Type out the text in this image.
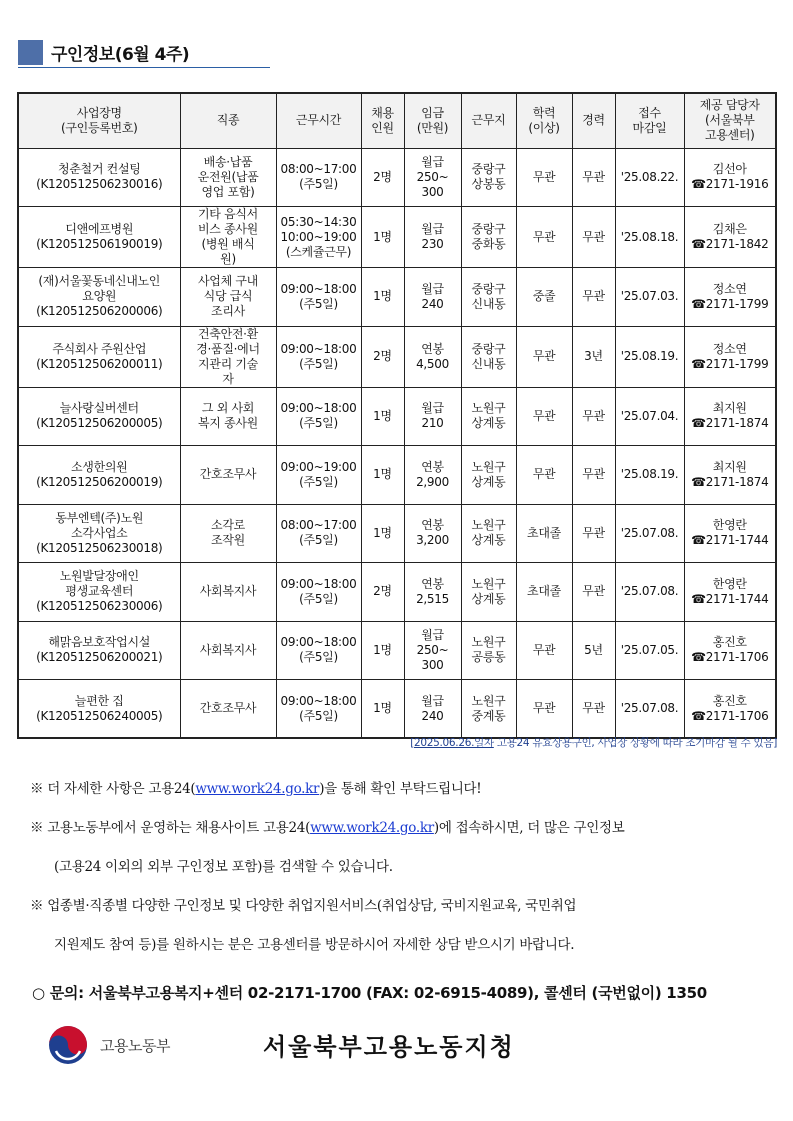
구인정보(6월 4주)
사업장명
(구인등록번호)	직종	근무시간	채용
인원	임금
(만원)	근무지	학력
(이상)	경력	접수
마감일	제공 담당자
(서울북부
고용센터)

청춘철거 컨설팅
(K120512506230016)	배송·납품
운전원(납품
영업 포함)	08:00~17:00
(주5일)	2명	월급
250~
300	중랑구
상봉동	무관	무관	'25.08.22.	김선아
☎2171-1916

디앤에프병원
(K120512506190019)	기타 음식서
비스 종사원
(병원 배식
원)	05:30~14:30
10:00~19:00
(스케쥴근무)	1명	월급
230	중랑구
중화동	무관	무관	'25.08.18.	김채은
☎2171-1842

(재)서울꽃동네신내노인
요양원
(K120512506200006)	사업체 구내
식당 급식
조리사	09:00~18:00
(주5일)	1명	월급
240	중랑구
신내동	중졸	무관	'25.07.03.	정소연
☎2171-1799

주식회사 주원산업
(K120512506200011)	건축안전·환
경·품질·에너
지관리 기술
자	09:00~18:00
(주5일)	2명	연봉
4,500	중랑구
신내동	무관	3년	'25.08.19.	정소연
☎2171-1799

늘사랑실버센터
(K120512506200005)	그 외 사회
복지 종사원	09:00~18:00
(주5일)	1명	월급
210	노원구
상계동	무관	무관	'25.07.04.	최지원
☎2171-1874

소생한의원
(K120512506200019)	간호조무사	09:00~19:00
(주5일)	1명	연봉
2,900	노원구
상계동	무관	무관	'25.08.19.	최지원
☎2171-1874

동부엔텍(주)노원
소각사업소
(K120512506230018)	소각로
조작원	08:00~17:00
(주5일)	1명	연봉
3,200	노원구
상계동	초대졸	무관	'25.07.08.	한영란
☎2171-1744

노원발달장애인
평생교육센터
(K120512506230006)	사회복지사	09:00~18:00
(주5일)	2명	연봉
2,515	노원구
상계동	초대졸	무관	'25.07.08.	한영란
☎2171-1744

해맑음보호작업시설
(K120512506200021)	사회복지사	09:00~18:00
(주5일)	1명	월급
250~
300	노원구
공릉동	무관	5년	'25.07.05.	홍진호
☎2171-1706

늘편한 집
(K120512506240005)	간호조무사	09:00~18:00
(주5일)	1명	월급
240	노원구
중계동	무관	무관	'25.07.08.	홍진호
☎2171-1706
[2025.06.26.일자 고용24 유효상용구인, 사업장 상황에 따라 조기마감 될 수 있음]

※ 더 자세한 사항은 고용24(www.work24.go.kr)을 통해 확인 부탁드립니다!

※ 고용노동부에서 운영하는 채용사이트 고용24(www.work24.go.kr)에 접속하시면, 더 많은 구인정보

(고용24 이외의 외부 구인정보 포함)를 검색할 수 있습니다.

※ 업종별·직종별 다양한 구인정보 및 다양한 취업지원서비스(취업상담, 국비지원교육, 국민취업

지원제도 참여 등)를 원하시는 분은 고용센터를 방문하시어 자세한 상담 받으시기 바랍니다.

○ 문의: 서울북부고용복지+센터 02-2171-1700 (FAX: 02-6915-4089), 콜센터 (국번없이) 1350
고용노동부	서울북부고용노동지청
